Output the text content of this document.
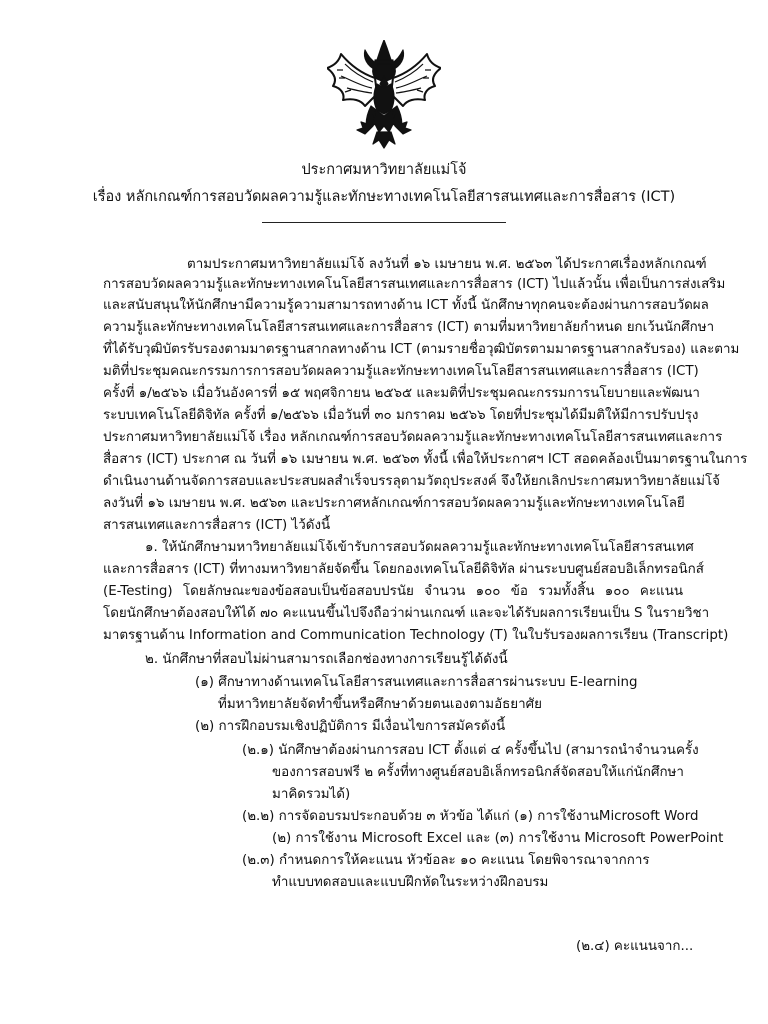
ประกาศมหาวิทยาลัยแม่โจ้
เรื่อง หลักเกณฑ์การสอบวัดผลความรู้และทักษะทางเทคโนโลยีสารสนเทศและการสื่อสาร (ICT)
ตามประกาศมหาวิทยาลัยแม่โจ้ ลงวันที่ ๑๖ เมษายน พ.ศ. ๒๕๖๓ ได้ประกาศเรื่องหลักเกณฑ์
การสอบวัดผลความรู้และทักษะทางเทคโนโลยีสารสนเทศและการสื่อสาร (ICT) ไปแล้วนั้น เพื่อเป็นการส่งเสริม
และสนับสนุนให้นักศึกษามีความรู้ความสามารถทางด้าน ICT ทั้งนี้ นักศึกษาทุกคนจะต้องผ่านการสอบวัดผล
ความรู้และทักษะทางเทคโนโลยีสารสนเทศและการสื่อสาร (ICT) ตามที่มหาวิทยาลัยกำหนด ยกเว้นนักศึกษา
ที่ได้รับวุฒิบัตรรับรองตามมาตรฐานสากลทางด้าน ICT (ตามรายชื่อวุฒิบัตรตามมาตรฐานสากลรับรอง) และตาม
มติที่ประชุมคณะกรรมการการสอบวัดผลความรู้และทักษะทางเทคโนโลยีสารสนเทศและการสื่อสาร (ICT)
ครั้งที่ ๑/๒๕๖๖ เมื่อวันอังคารที่ ๑๕ พฤศจิกายน ๒๕๖๕ และมติที่ประชุมคณะกรรมการนโยบายและพัฒนา
ระบบเทคโนโลยีดิจิทัล ครั้งที่ ๑/๒๕๖๖ เมื่อวันที่ ๓๐ มกราคม ๒๕๖๖ โดยที่ประชุมได้มีมติให้มีการปรับปรุง
ประกาศมหาวิทยาลัยแม่โจ้ เรื่อง หลักเกณฑ์การสอบวัดผลความรู้และทักษะทางเทคโนโลยีสารสนเทศและการ
สื่อสาร (ICT) ประกาศ ณ วันที่ ๑๖ เมษายน พ.ศ. ๒๕๖๓ ทั้งนี้ เพื่อให้ประกาศฯ ICT สอดคล้องเป็นมาตรฐานในการ
ดำเนินงานด้านจัดการสอบและประสบผลสำเร็จบรรลุตามวัตถุประสงค์ จึงให้ยกเลิกประกาศมหาวิทยาลัยแม่โจ้
ลงวันที่ ๑๖ เมษายน พ.ศ. ๒๕๖๓ และประกาศหลักเกณฑ์การสอบวัดผลความรู้และทักษะทางเทคโนโลยี
สารสนเทศและการสื่อสาร (ICT) ไว้ดังนี้
๑. ให้นักศึกษามหาวิทยาลัยแม่โจ้เข้ารับการสอบวัดผลความรู้และทักษะทางเทคโนโลยีสารสนเทศ
และการสื่อสาร (ICT) ที่ทางมหาวิทยาลัยจัดขึ้น โดยกองเทคโนโลยีดิจิทัล ผ่านระบบศูนย์สอบอิเล็กทรอนิกส์
(E-Testing) โดยลักษณะของข้อสอบเป็นข้อสอบปรนัย จำนวน ๑๐๐ ข้อ รวมทั้งสิ้น ๑๐๐ คะแนน
โดยนักศึกษาต้องสอบให้ได้ ๗๐ คะแนนขึ้นไปจึงถือว่าผ่านเกณฑ์ และจะได้รับผลการเรียนเป็น S ในรายวิชา
มาตรฐานด้าน Information and Communication Technology (T) ในใบรับรองผลการเรียน (Transcript)
๒. นักศึกษาที่สอบไม่ผ่านสามารถเลือกช่องทางการเรียนรู้ได้ดังนี้
(๑) ศึกษาทางด้านเทคโนโลยีสารสนเทศและการสื่อสารผ่านระบบ E-learning
ที่มหาวิทยาลัยจัดทำขึ้นหรือศึกษาด้วยตนเองตามอัธยาศัย
(๒) การฝึกอบรมเชิงปฏิบัติการ มีเงื่อนไขการสมัครดังนี้
(๒.๑) นักศึกษาต้องผ่านการสอบ ICT ตั้งแต่ ๔ ครั้งขึ้นไป (สามารถนำจำนวนครั้ง
ของการสอบฟรี ๒ ครั้งที่ทางศูนย์สอบอิเล็กทรอนิกส์จัดสอบให้แก่นักศึกษา
มาคิดรวมได้)
(๒.๒) การจัดอบรมประกอบด้วย ๓ หัวข้อ ได้แก่ (๑) การใช้งานMicrosoft Word
(๒) การใช้งาน Microsoft Excel และ (๓) การใช้งาน Microsoft PowerPoint
(๒.๓) กำหนดการให้คะแนน หัวข้อละ ๑๐ คะแนน โดยพิจารณาจากการ
ทำแบบทดสอบและแบบฝึกหัดในระหว่างฝึกอบรม
(๒.๔) คะแนนจาก...
